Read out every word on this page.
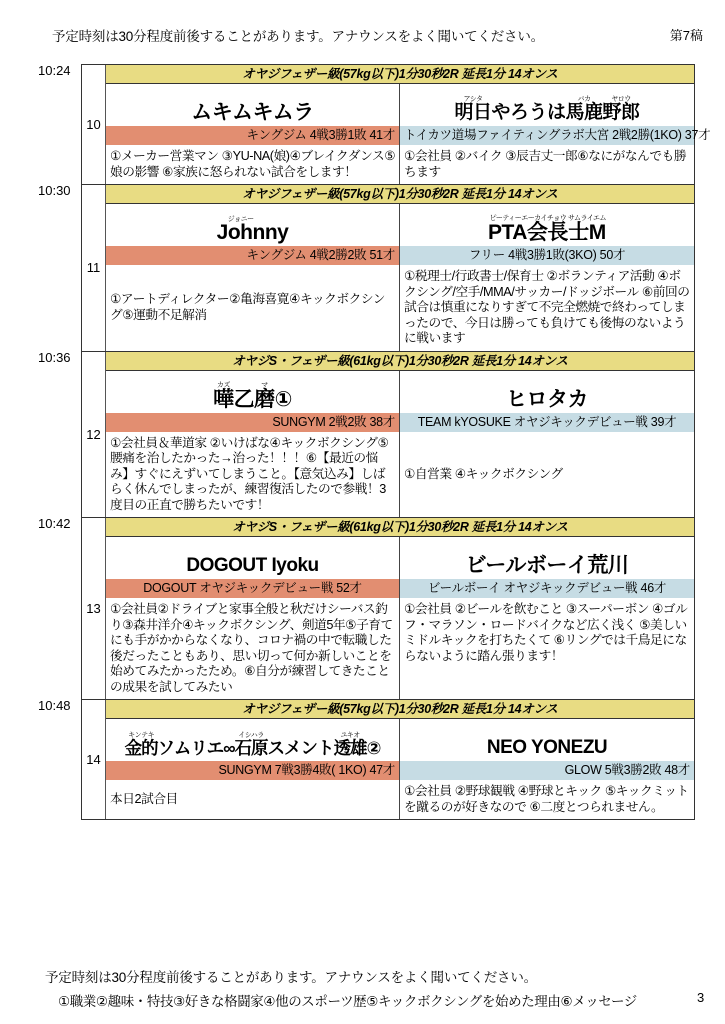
予定時刻は30分程度前後することがあります。アナウンスをよく聞いてください。	第7稿
10:24
10:30
10:36
10:42
10:48
10
オヤジフェザー級(57kg以下)1分30秒2R 延長1分 14オンス
ムキムキムラ
キングジム 4戦3勝1敗 41才
①メーカー営業マン ③YU-NA(娘)④ブレイクダンス⑤娘の影響 ⑥家族に怒られない試合をします！
明日アシタ
やろうは 馬鹿バカ
野郎ヤロウ
トイカツ道場ファイティングラボ大宮 2戦2勝(1KO) 37才
①会社員 ②バイク ③辰吉丈一郎⑥なにがなんでも勝ちます
11
オヤジフェザー級(57kg以下)1分30秒2R 延長1分 14オンス
Johnジョニー
ny
キングジム 4戦2勝2敗 51才
①アートディレクター②亀海喜寛④キックボクシング⑤運動不足解消
PTA会長ピーティーエーカイチョウ
士Mサムライエム
フリー 4戦3勝1敗(3KO) 50才
①税理士/行政書士/保育士 ②ボランティア活動 ④ボクシング/空手/MMA/サッカー/ドッジボール ⑥前回の試合は慎重になりすぎて不完全燃焼で終わってしまったので、今日は勝っても負けても後悔のないように戦います
12
オヤジS・フェザー級(61kg以下)1分30秒2R 延長1分 14オンス
嘩カズ
乙 磨マ
①
SUNGYM 2戦2敗 38才
①会社員＆華道家 ②いけばな④キックボクシング⑤腰痛を治したかった→治った！！！⑥【最近の悩み】すぐにえずいてしまうこと。【意気込み】しばらく休んでしまったが、練習復活したので参戦！3度目の正直で勝ちたいです！
ヒロタカ
TEAM kYOSUKE オヤジキックデビュー戦 39才
①自営業 ④キックボクシング
13
オヤジS・フェザー級(61kg以下)1分30秒2R 延長1分 14オンス
DOGOUT Iyoku
DOGOUT オヤジキックデビュー戦 52才
①会社員②ドライブと家事全般と秋だけシーバス釣り③森井洋介④キックボクシング、剣道5年⑤子育てにも手がかからなくなり、コロナ禍の中で転職した後だったこともあり、思い切って何か新しいことを始めてみたかったため。⑥自分が練習してきたことの成果を試してみたい
ビールボーイ荒川
ビールボーイ オヤジキックデビュー戦 46才
①会社員 ②ビールを飲むこと ③スーパーボン ④ゴルフ・マラソン・ロードバイクなど広く浅く ⑤美しいミドルキックを打ちたくて ⑥リングでは千鳥足にならないように踏ん張ります！
14
オヤジフェザー級(57kg以下)1分30秒2R 延長1分 14オンス
金的キンテキ
ソムリエ∞ 石原イシハラ
スメント 透雄ユキオ
②
SUNGYM 7戦3勝4敗( 1KO) 47才
本日2試合目
NEO YONEZU
GLOW 5戦3勝2敗 48才
①会社員 ②野球観戦 ④野球とキック ⑤キックミットを蹴るのが好きなので ⑥二度とつられません。
予定時刻は30分程度前後することがあります。アナウンスをよく聞いてください。
①職業②趣味・特技③好きな格闘家④他のスポーツ歴⑤キックボクシングを始めた理由⑥メッセージ	3
